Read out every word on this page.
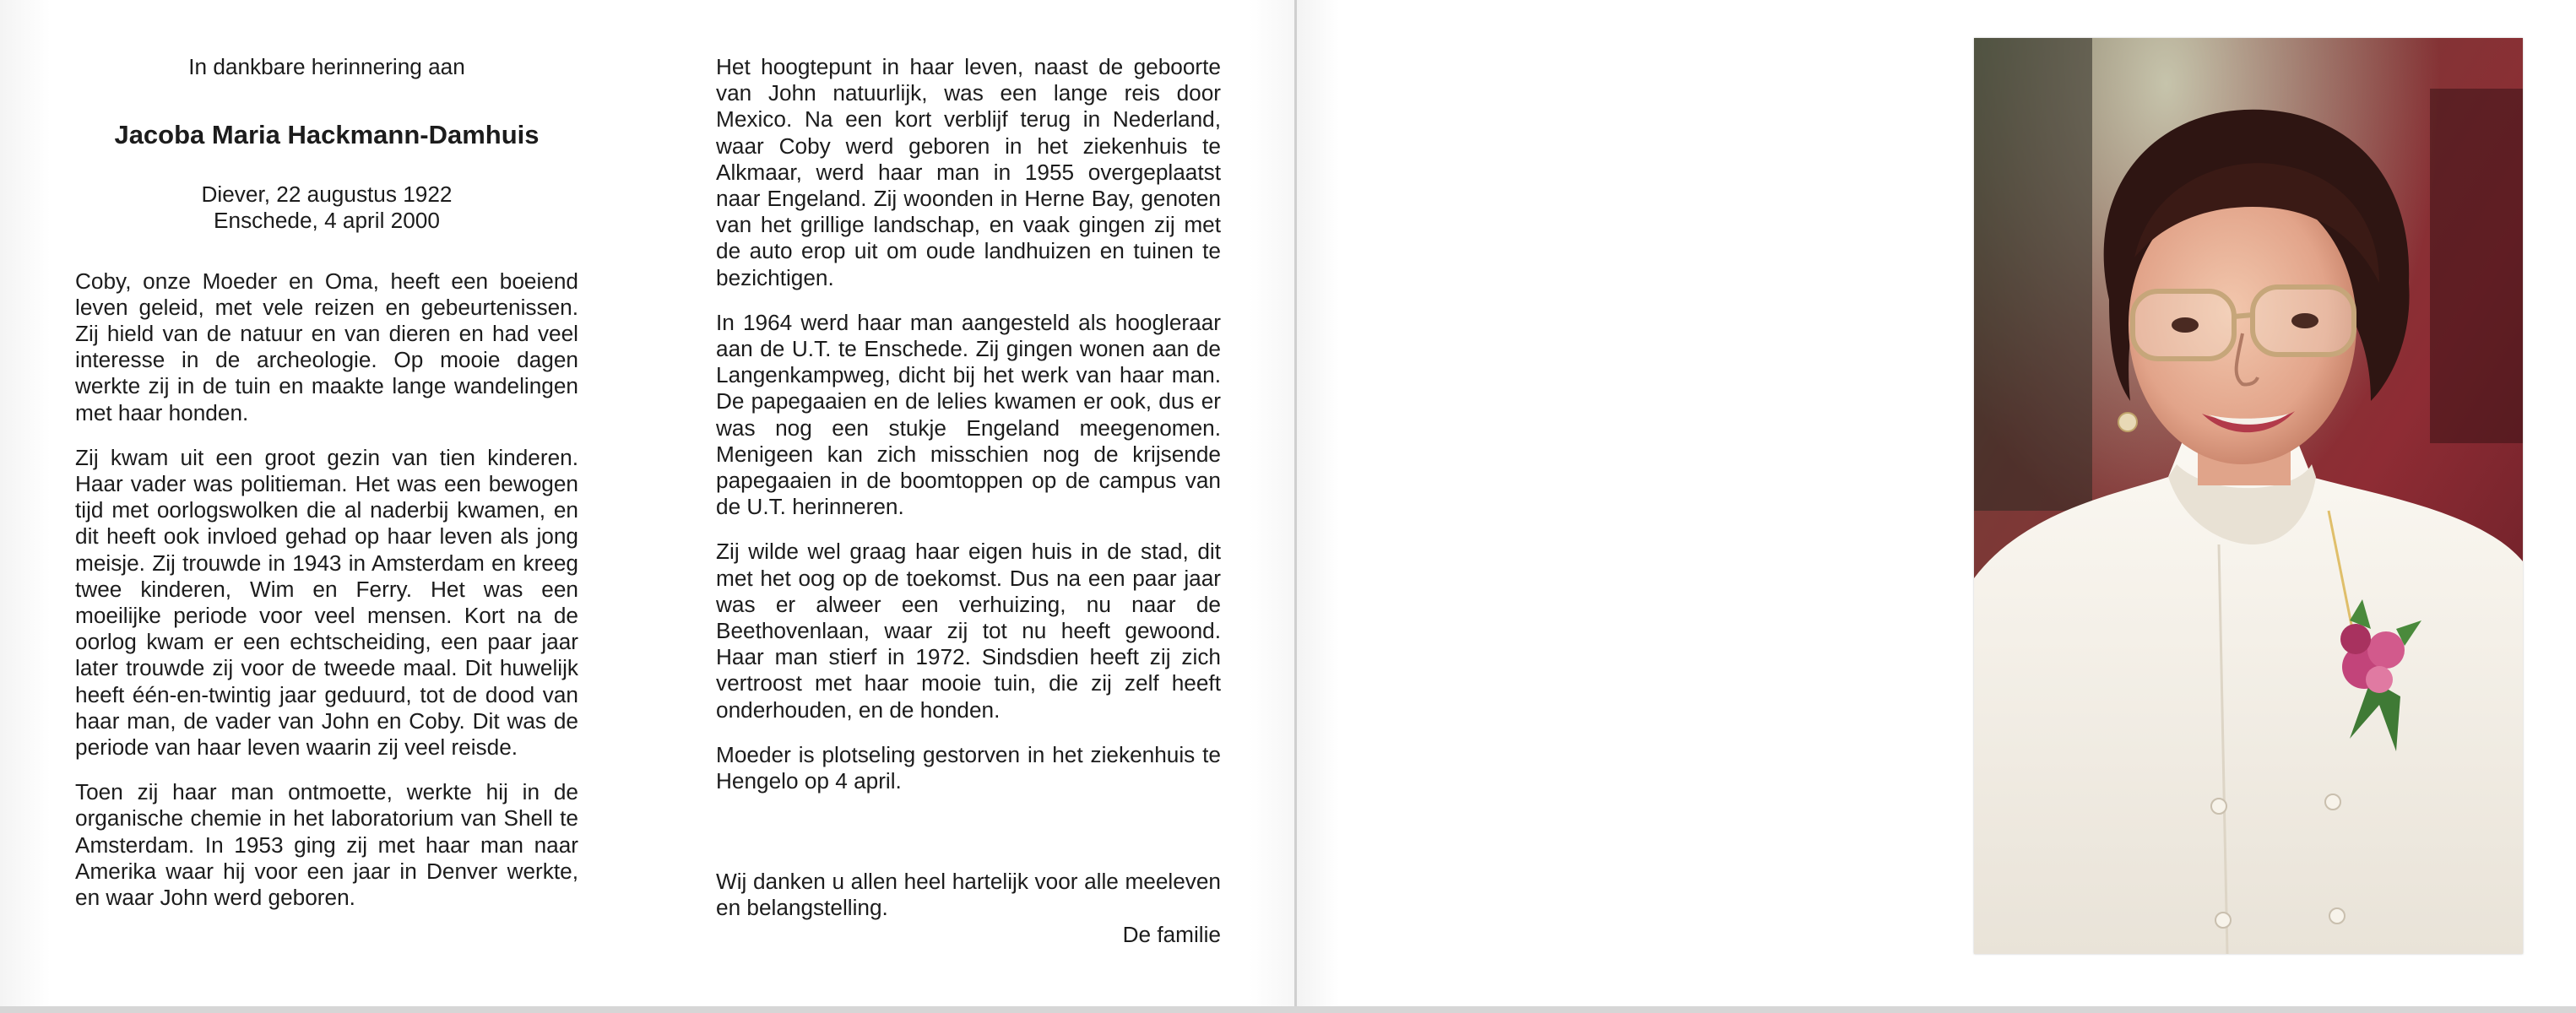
In dankbare herinnering aan
Jacoba Maria Hackmann-Damhuis
Diever, 22 augustus 1922
Enschede, 4 april 2000

Coby, onze Moeder en Oma, heeft een boeiend leven geleid, met vele reizen en gebeurtenissen. Zij hield van de natuur en van dieren en had veel interesse in de archeologie. Op mooie dagen werkte zij in de tuin en maakte lange wandelingen met haar honden.

Zij kwam uit een groot gezin van tien kinderen. Haar vader was politieman. Het was een bewogen tijd met oorlogswolken die al naderbij kwamen, en dit heeft ook invloed gehad op haar leven als jong meisje. Zij trouwde in 1943 in Amsterdam en kreeg twee kinderen, Wim en Ferry. Het was een moeilijke periode voor veel mensen. Kort na de oorlog kwam er een echtscheiding, een paar jaar later trouwde zij voor de tweede maal. Dit huwelijk heeft één-en-twintig jaar geduurd, tot de dood van haar man, de vader van John en Coby. Dit was de periode van haar leven waarin zij veel reisde.

Toen zij haar man ontmoette, werkte hij in de organische chemie in het laboratorium van Shell te Amsterdam. In 1953 ging zij met haar man naar Amerika waar hij voor een jaar in Denver werkte, en waar John werd geboren.

Het hoogtepunt in haar leven, naast de geboorte van John natuurlijk, was een lange reis door Mexico. Na een kort verblijf terug in Nederland, waar Coby werd geboren in het ziekenhuis te Alkmaar, werd haar man in 1955 overgeplaatst naar Engeland. Zij woonden in Herne Bay, genoten van het grillige landschap, en vaak gingen zij met de auto erop uit om oude landhuizen en tuinen te bezichtigen.

In 1964 werd haar man aangesteld als hoogleraar aan de U.T. te Enschede. Zij gingen wonen aan de Langenkampweg, dicht bij het werk van haar man. De papegaaien en de lelies kwamen er ook, dus er was nog een stukje Engeland meegenomen. Menigeen kan zich misschien nog de krijsende papegaaien in de boomtoppen op de campus van de U.T. herinneren.

Zij wilde wel graag haar eigen huis in de stad, dit met het oog op de toekomst. Dus na een paar jaar was er alweer een verhuizing, nu naar de Beethovenlaan, waar zij tot nu heeft gewoond. Haar man stierf in 1972. Sindsdien heeft zij zich vertroost met haar mooie tuin, die zij zelf heeft onderhouden, en de honden.

Moeder is plotseling gestorven in het ziekenhuis te Hengelo op 4 april.

Wij danken u allen heel hartelijk voor alle meeleven en belangstelling.

De familie
